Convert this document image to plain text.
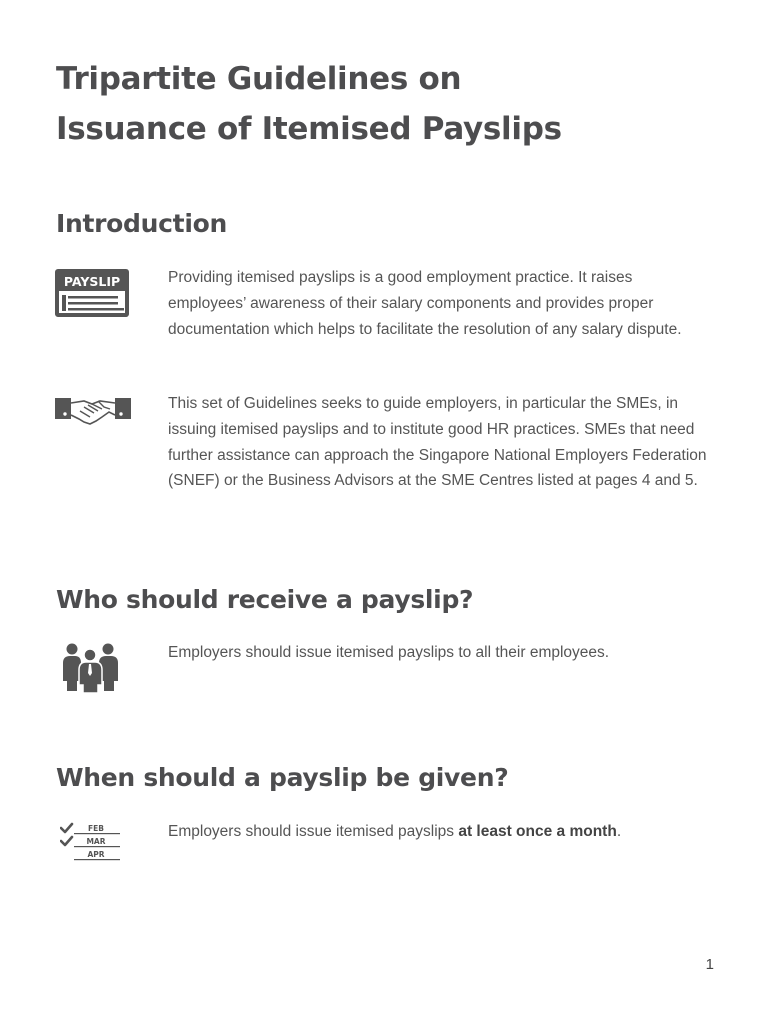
Tripartite Guidelines on
Issuance of Itemised Payslips
Introduction
PAYSLIP	Providing itemised payslips is a good employment practice. It raises employees’ awareness of their salary components and provides proper documentation which helps to facilitate the resolution of any salary dispute.

This set of Guidelines seeks to guide employers, in particular the SMEs, in issuing itemised payslips and to institute good HR practices. SMEs that need further assistance can approach the Singapore National Employers Federation (SNEF) or the Business Advisors at the SME Centres listed at pages 4 and 5.

Who should receive a payslip?

Employers should issue itemised payslips to all their employees.

When should a payslip be given?
FEB
MAR
APR

Employers should issue itemised payslips at least once a month.

1
